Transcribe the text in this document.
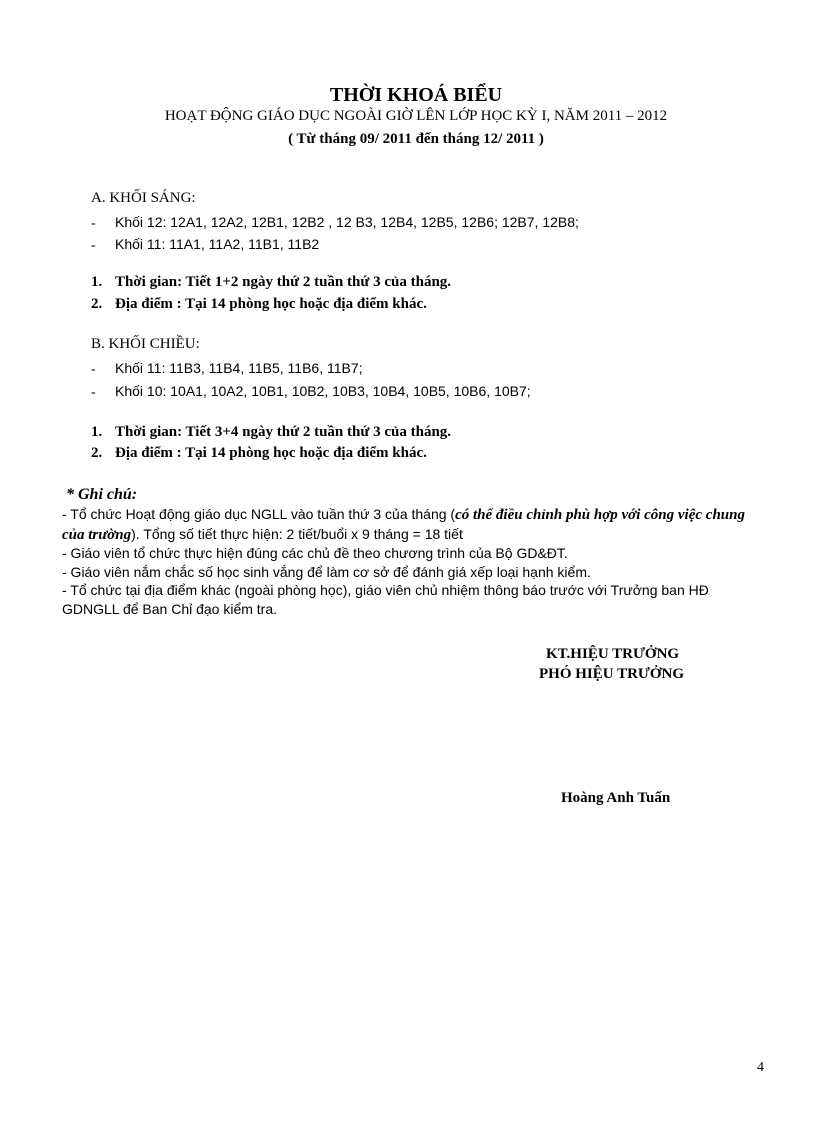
THỜI KHOÁ BIỂU
HOẠT ĐỘNG GIÁO DỤC NGOÀI GIỜ LÊN LỚP HỌC KỲ I, NĂM 2011 – 2012
( Từ tháng 09/ 2011 đến tháng 12/ 2011 )
A. KHỐI SÁNG:
- Khối 12: 12A1, 12A2, 12B1, 12B2 , 12 B3, 12B4, 12B5, 12B6; 12B7, 12B8;
- Khối 11: 11A1, 11A2, 11B1, 11B2
1. Thời gian: Tiết 1+2 ngày thứ 2 tuần thứ 3 của tháng.
2. Địa điểm : Tại 14 phòng học hoặc địa điểm khác.
B. KHỐI CHIỀU:
- Khối 11: 11B3, 11B4, 11B5, 11B6, 11B7;
- Khối 10: 10A1, 10A2, 10B1, 10B2, 10B3, 10B4, 10B5, 10B6, 10B7;
1. Thời gian: Tiết 3+4 ngày thứ 2 tuần thứ 3 của tháng.
2. Địa điểm : Tại 14 phòng học hoặc địa điểm khác.
* Ghi chú:

- Tổ chức Hoạt động giáo dục NGLL vào tuần thứ 3 của tháng (có thể điều chỉnh phù hợp với công việc chung của trường). Tổng số tiết thực hiện: 2 tiết/buổi x 9 tháng = 18 tiết

- Giáo viên tổ chức thực hiện đúng các chủ đề theo chương trình của Bộ GD&ĐT.

- Giáo viên nắm chắc số học sinh vắng để làm cơ sở để đánh giá xếp loại hạnh kiểm.

- Tổ chức tại địa điểm khác (ngoài phòng học), giáo viên chủ nhiệm thông báo trước với Trưởng ban HĐ GDNGLL để Ban Chỉ đạo kiểm tra.

KT.HIỆU TRƯỞNG
PHÓ HIỆU TRƯỞNG
Hoàng Anh Tuấn
4
